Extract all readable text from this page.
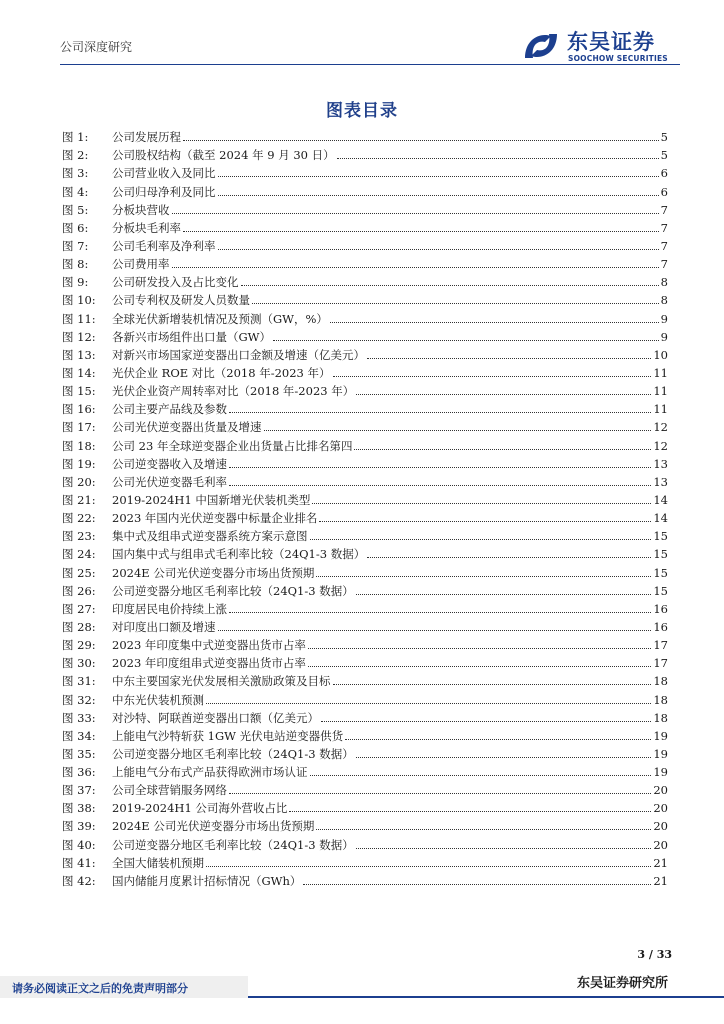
公司深度研究	东吴证券
SOOCHOW SECURITIES
图表目录
图 1:	公司发展历程	5
图 2:	公司股权结构（截至 2024 年 9 月 30 日）	5
图 3:	公司营业收入及同比	6
图 4:	公司归母净利及同比	6
图 5:	分板块营收	7
图 6:	分板块毛利率	7
图 7:	公司毛利率及净利率	7
图 8:	公司费用率	7
图 9:	公司研发投入及占比变化	8
图 10:	公司专利权及研发人员数量	8
图 11:	全球光伏新增装机情况及预测（GW，%）	9
图 12:	各新兴市场组件出口量（GW）	9
图 13:	对新兴市场国家逆变器出口金额及增速（亿美元）	10
图 14:	光伏企业 ROE 对比（2018 年-2023 年）	11
图 15:	光伏企业资产周转率对比（2018 年-2023 年）	11
图 16:	公司主要产品线及参数	11
图 17:	公司光伏逆变器出货量及增速	12
图 18:	公司 23 年全球逆变器企业出货量占比排名第四	12
图 19:	公司逆变器收入及增速	13
图 20:	公司光伏逆变器毛利率	13
图 21:	2019-2024H1 中国新增光伏装机类型	14
图 22:	2023 年国内光伏逆变器中标量企业排名	14
图 23:	集中式及组串式逆变器系统方案示意图	15
图 24:	国内集中式与组串式毛利率比较（24Q1-3 数据）	15
图 25:	2024E 公司光伏逆变器分市场出货预期	15
图 26:	公司逆变器分地区毛利率比较（24Q1-3 数据）	15
图 27:	印度居民电价持续上涨	16
图 28:	对印度出口额及增速	16
图 29:	2023 年印度集中式逆变器出货市占率	17
图 30:	2023 年印度组串式逆变器出货市占率	17
图 31:	中东主要国家光伏发展相关激励政策及目标	18
图 32:	中东光伏装机预测	18
图 33:	对沙特、阿联酋逆变器出口额（亿美元）	18
图 34:	上能电气沙特斩获 1GW 光伏电站逆变器供货	19
图 35:	公司逆变器分地区毛利率比较（24Q1-3 数据）	19
图 36:	上能电气分布式产品获得欧洲市场认证	19
图 37:	公司全球营销服务网络	20
图 38:	2019-2024H1 公司海外营收占比	20
图 39:	2024E 公司光伏逆变器分市场出货预期	20
图 40:	公司逆变器分地区毛利率比较（24Q1-3 数据）	20
图 41:	全国大储装机预期	21
图 42:	国内储能月度累计招标情况（GWh）	21
3 / 33
请务必阅读正文之后的免责声明部分	东吴证券研究所
